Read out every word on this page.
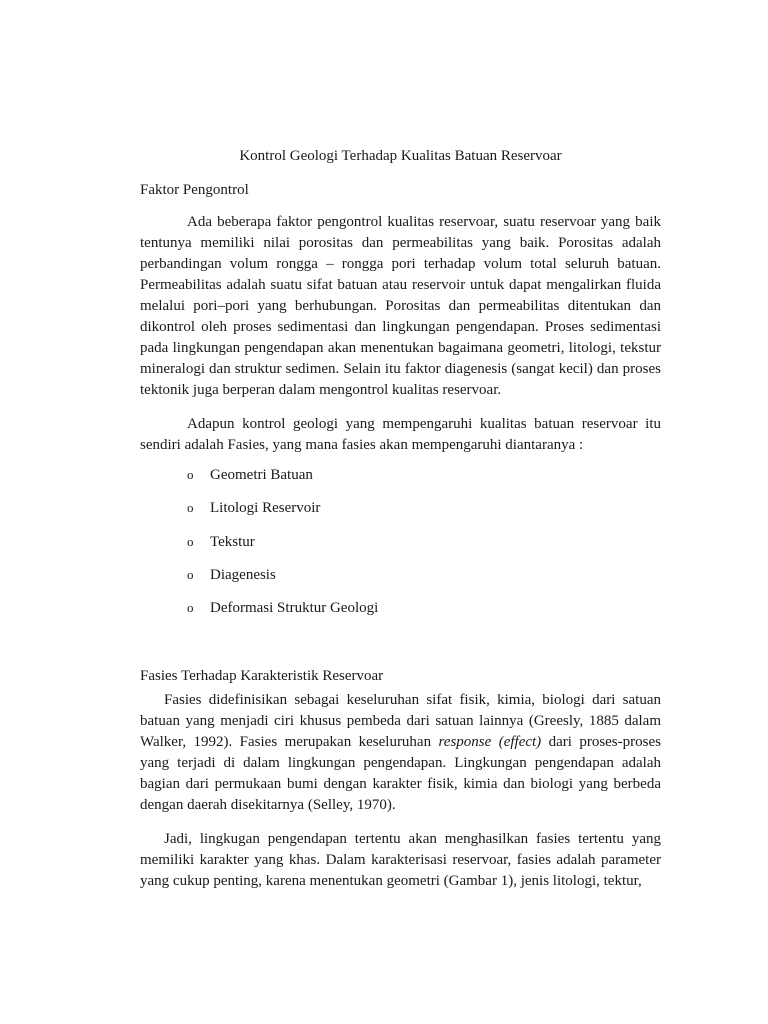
Kontrol Geologi Terhadap Kualitas Batuan Reservoar
Faktor Pengontrol

Ada beberapa faktor pengontrol kualitas reservoar, suatu reservoar yang baik tentunya memiliki nilai porositas dan permeabilitas yang baik. Porositas adalah perbandingan volum rongga – rongga pori terhadap volum total seluruh batuan. Permeabilitas adalah suatu sifat batuan atau reservoir untuk dapat mengalirkan fluida melalui pori–pori yang berhubungan. Porositas dan permeabilitas ditentukan dan dikontrol oleh proses sedimentasi dan lingkungan pengendapan. Proses sedimentasi pada lingkungan pengendapan akan menentukan bagaimana geometri, litologi, tekstur mineralogi dan struktur sedimen. Selain itu faktor diagenesis (sangat kecil) dan proses tektonik juga berperan dalam mengontrol kualitas reservoar.

Adapun kontrol geologi yang mempengaruhi kualitas batuan reservoar itu sendiri adalah Fasies, yang mana fasies akan mempengaruhi diantaranya :

o Geometri Batuan
o Litologi Reservoir
o Tekstur
o Diagenesis
o Deformasi Struktur Geologi
Fasies Terhadap Karakteristik Reservoar

Fasies didefinisikan sebagai keseluruhan sifat fisik, kimia, biologi dari satuan batuan yang menjadi ciri khusus pembeda dari satuan lainnya (Greesly, 1885 dalam Walker, 1992). Fasies merupakan keseluruhan response (effect) dari proses-proses yang terjadi di dalam lingkungan pengendapan. Lingkungan pengendapan adalah bagian dari permukaan bumi dengan karakter fisik, kimia dan biologi yang berbeda dengan daerah disekitarnya (Selley, 1970).

Jadi, lingkugan pengendapan tertentu akan menghasilkan fasies tertentu yang memiliki karakter yang khas. Dalam karakterisasi reservoar, fasies adalah parameter yang cukup penting, karena menentukan geometri (Gambar 1), jenis litologi, tektur,
